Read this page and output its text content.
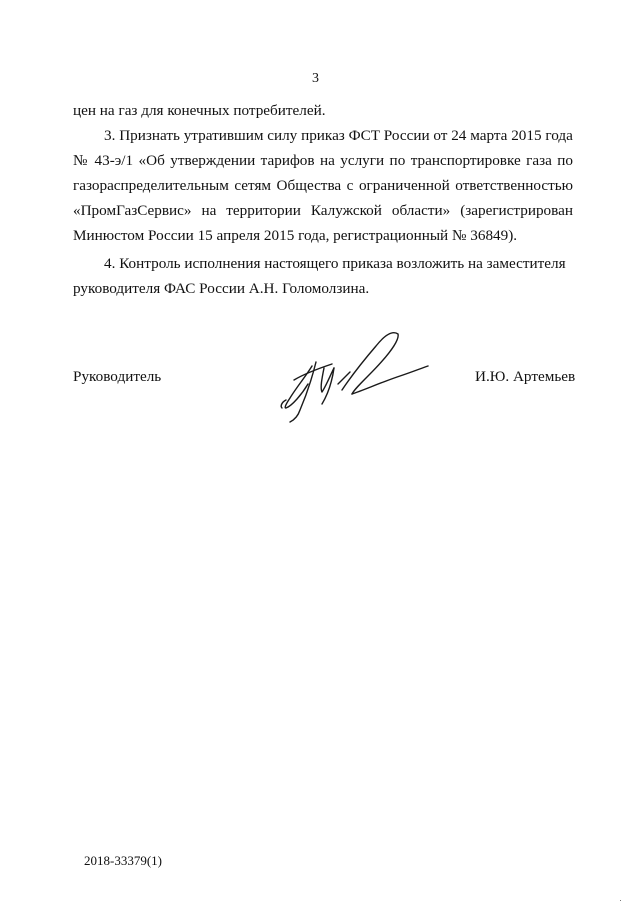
3
цен на газ для конечных потребителей.
3. Признать утратившим силу приказ ФСТ России от 24 марта 2015 года
№ 43-э/1 «Об утверждении тарифов на услуги по транспортировке газа по
газораспределительным сетям Общества с ограниченной ответственностью
«ПромГазСервис» на территории Калужской области» (зарегистрирован
Минюстом России 15 апреля 2015 года, регистрационный № 36849).
4. Контроль исполнения настоящего приказа возложить на заместителя
руководителя ФАС России А.Н. Голомолзина.
Руководитель	И.Ю. Артемьев
2018-33379(1)
